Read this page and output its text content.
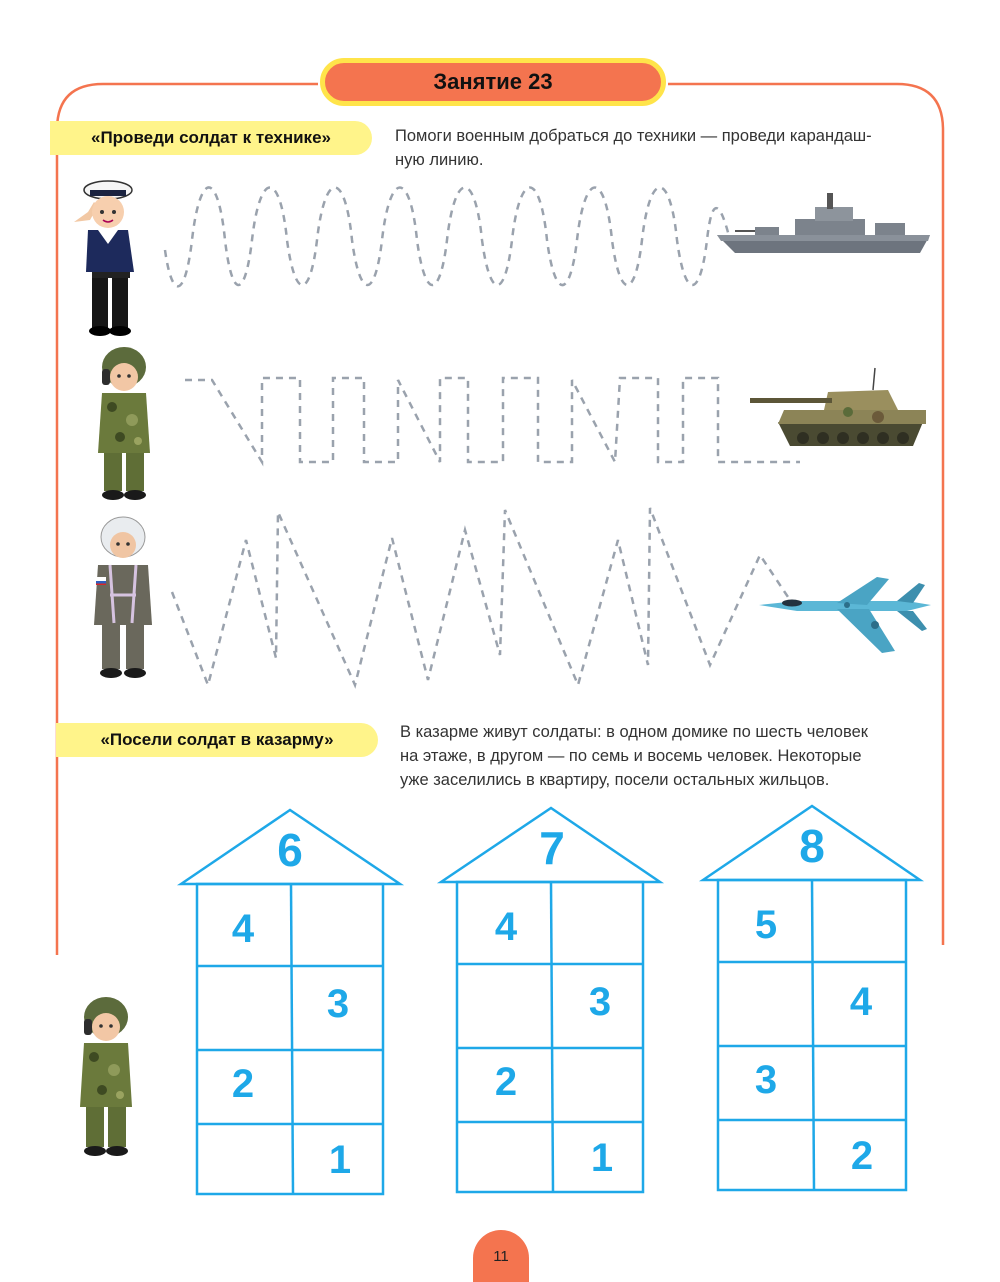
Занятие 23
«Проведи солдат к технике»	Помоги военным добраться до техники — проведи карандаш-
ную линию.
«Посели солдат в казарму»	В казарме живут солдаты: в одном домике по шесть человек
на этаже, в другом — по семь и восемь человек. Некоторые
уже заселились в квартиру, посели остальных жильцов.
6
4
3
2
1
7
4
3
2
1
8
5
4
3
2
11
